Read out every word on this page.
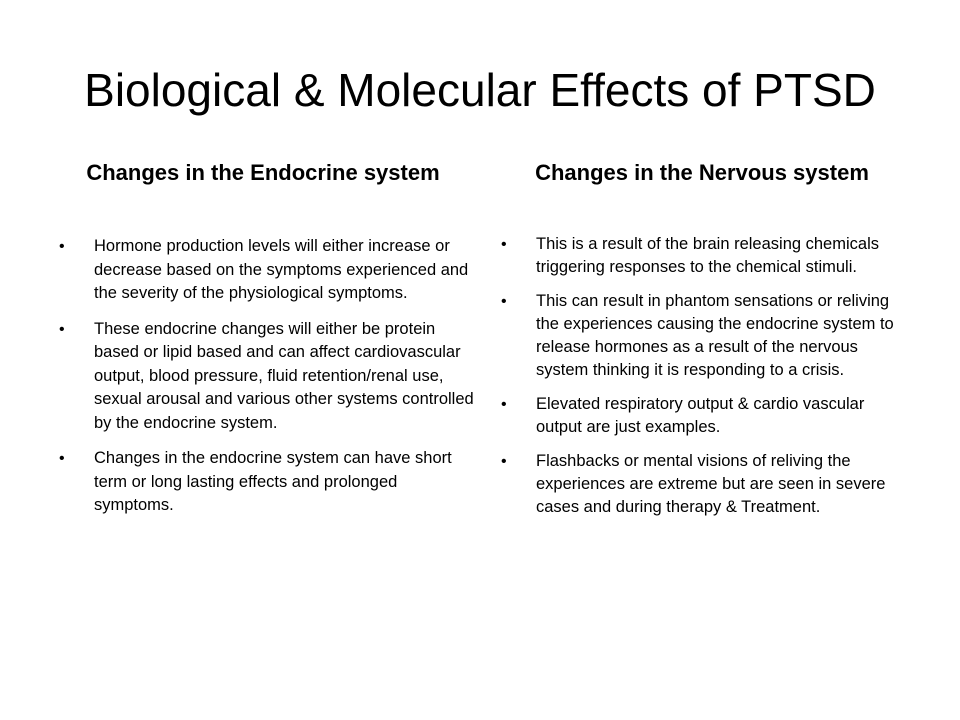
Biological & Molecular Effects of PTSD
Changes in the Endocrine system
• Hormone production levels will either increase or decrease based on the symptoms experienced and the severity of the physiological symptoms.
• These endocrine changes will either be protein based or lipid based and can affect cardiovascular output, blood pressure, fluid retention/renal use, sexual arousal and various other systems controlled by the endocrine system.
• Changes in the endocrine system can have short term or long lasting effects and prolonged symptoms.
Changes in the Nervous system
• This is a result of the brain releasing chemicals triggering responses to the chemical stimuli.
• This can result in phantom sensations or reliving the experiences causing the endocrine system to release hormones as a result of the nervous system thinking it is responding to a crisis.
• Elevated respiratory output & cardio vascular output are just examples.
• Flashbacks or mental visions of reliving the experiences are extreme but are seen in severe cases and during therapy & Treatment.
